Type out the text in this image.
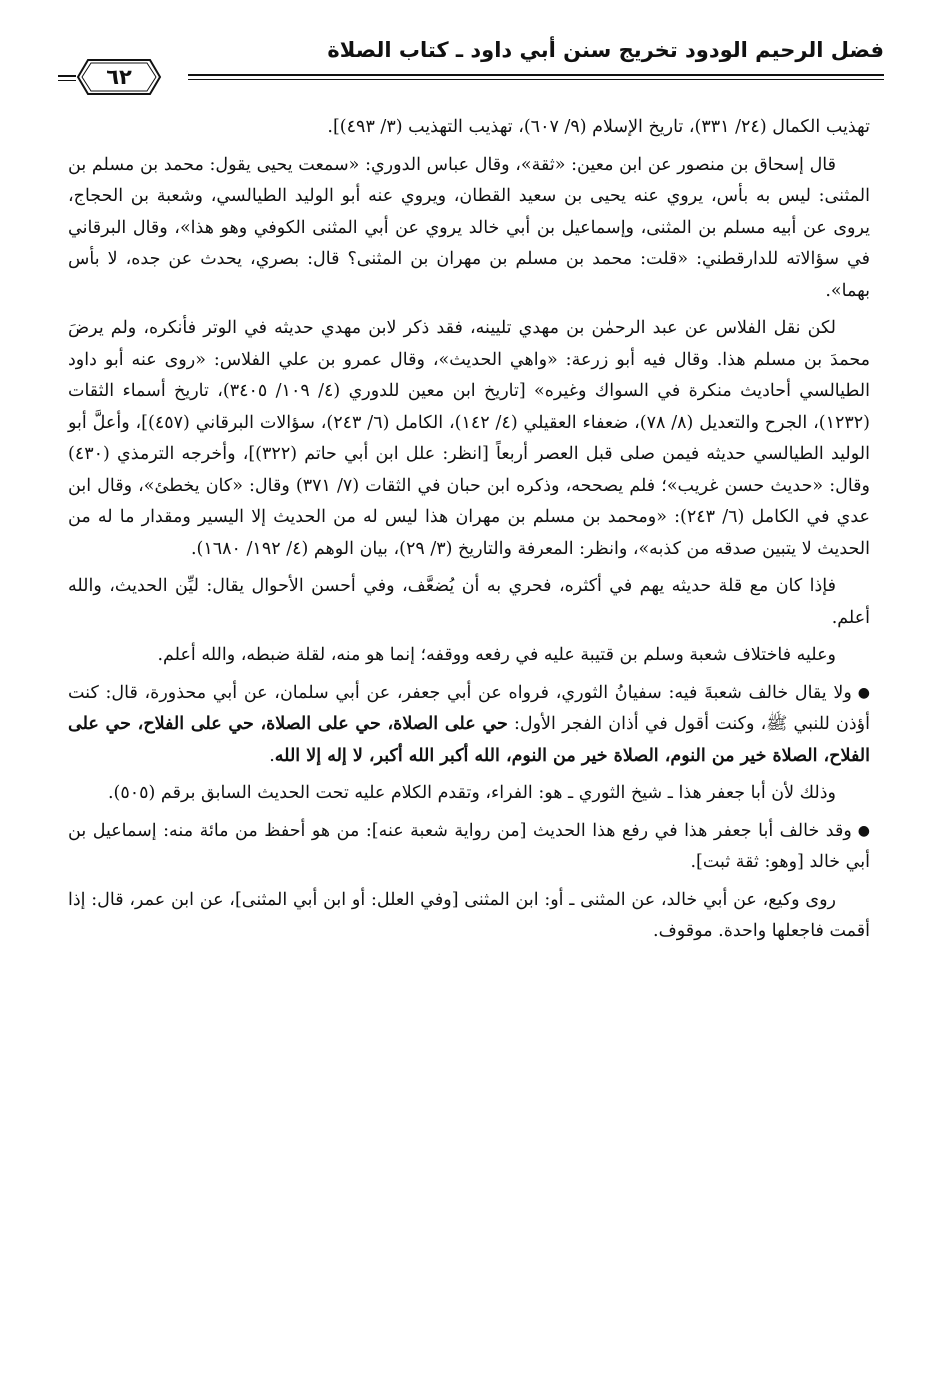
فضل الرحيم الودود تخريج سنن أبي داود ـ كتاب الصلاة
٦٢

تهذيب الكمال (٢٤/ ٣٣١)، تاريخ الإسلام (٩/ ٦٠٧)، تهذيب التهذيب (٣/ ٤٩٣)].

قال إسحاق بن منصور عن ابن معين: «ثقة»، وقال عباس الدوري: «سمعت يحيى يقول: محمد بن مسلم بن المثنى: ليس به بأس، يروي عنه يحيى بن سعيد القطان، ويروي عنه أبو الوليد الطيالسي، وشعبة بن الحجاج، يروى عن أبيه مسلم بن المثنى، وإسماعيل بن أبي خالد يروي عن أبي المثنى الكوفي وهو هذا»، وقال البرقاني في سؤالاته للدارقطني: «قلت: محمد بن مسلم بن مهران بن المثنى؟ قال: بصري، يحدث عن جده، لا بأس بهما».

لكن نقل الفلاس عن عبد الرحمٰن بن مهدي تليينه، فقد ذكر لابن مهدي حديثه في الوتر فأنكره، ولم يرضَ محمدَ بن مسلم هذا. وقال فيه أبو زرعة: «واهي الحديث»، وقال عمرو بن علي الفلاس: «روى عنه أبو داود الطيالسي أحاديث منكرة في السواك وغيره» [تاريخ ابن معين للدوري (٤/ ١٠٩/ ٣٤٠٥)، تاريخ أسماء الثقات (١٢٣٢)، الجرح والتعديل (٨/ ٧٨)، ضعفاء العقيلي (٤/ ١٤٢)، الكامل (٦/ ٢٤٣)، سؤالات البرقاني (٤٥٧)]، وأعلَّ أبو الوليد الطيالسي حديثه فيمن صلى قبل العصر أربعاً [انظر: علل ابن أبي حاتم (٣٢٢)]، وأخرجه الترمذي (٤٣٠) وقال: «حديث حسن غريب»؛ فلم يصححه، وذكره ابن حبان في الثقات (٧/ ٣٧١) وقال: «كان يخطئ»، وقال ابن عدي في الكامل (٦/ ٢٤٣): «ومحمد بن مسلم بن مهران هذا ليس له من الحديث إلا اليسير ومقدار ما له من الحديث لا يتبين صدقه من كذبه»، وانظر: المعرفة والتاريخ (٣/ ٢٩)، بيان الوهم (٤/ ١٩٢/ ١٦٨٠).

فإذا كان مع قلة حديثه يهم في أكثره، فحري به أن يُضعَّف، وفي أحسن الأحوال يقال: ليِّن الحديث، والله أعلم.

وعليه فاختلاف شعبة وسلم بن قتيبة عليه في رفعه ووقفه؛ إنما هو منه، لقلة ضبطه، والله أعلم.

●ولا يقال خالف شعبةَ فيه: سفيانُ الثوري، فرواه عن أبي جعفر، عن أبي سلمان، عن أبي محذورة، قال: كنت أؤذن للنبي ﷺ، وكنت أقول في أذان الفجر الأول: حي على الصلاة، حي على الصلاة، حي على الفلاح، حي على الفلاح، الصلاة خير من النوم، الصلاة خير من النوم، الله أكبر الله أكبر، لا إله إلا الله.

وذلك لأن أبا جعفر هذا ـ شيخ الثوري ـ هو: الفراء، وتقدم الكلام عليه تحت الحديث السابق برقم (٥٠٥).

●وقد خالف أبا جعفر هذا في رفع هذا الحديث [من رواية شعبة عنه]: من هو أحفظ من مائة منه: إسماعيل بن أبي خالد [وهو: ثقة ثبت].

روى وكيع، عن أبي خالد، عن المثنى ـ أو: ابن المثنى [وفي العلل: أو ابن أبي المثنى]، عن ابن عمر، قال: إذا أقمت فاجعلها واحدة. موقوف.
